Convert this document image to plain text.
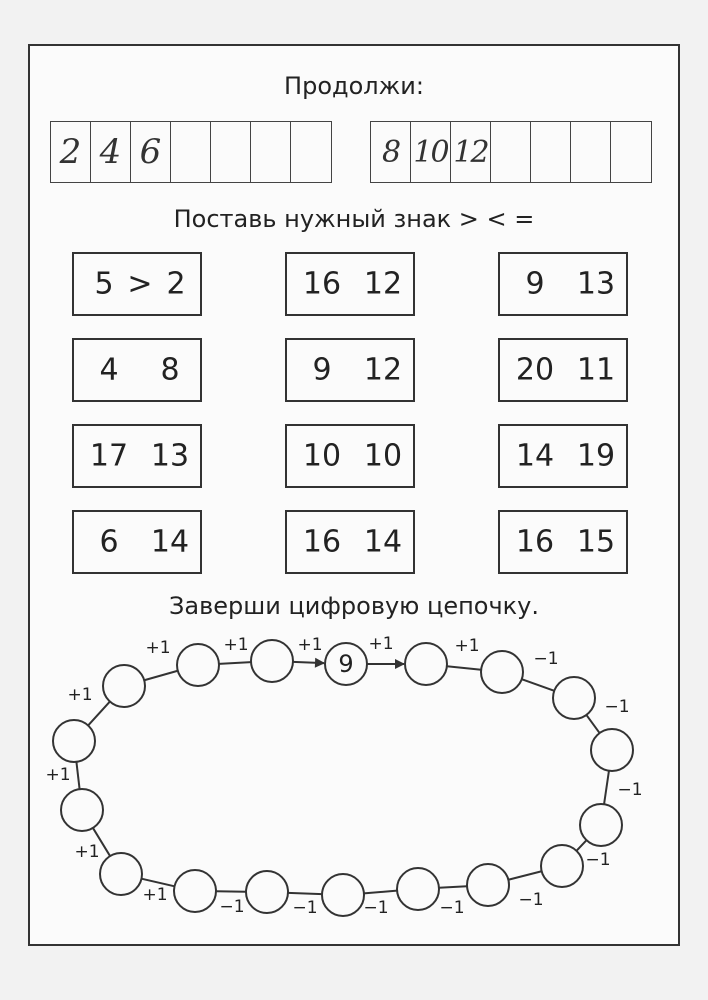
Продолжи:
2 4 6	8 10 12
Поставь нужный знак > < =
5 > 2	16 12	9 13
4 8	9 12	20 11
17 13	10 10	14 19
6 14	16 14	16 15
Заверши цифровую цепочку.
9
+1	+1	+1
−1
−1
−1
−1
−1
−1
−1
−1
−1
+1
+1
+1
+1
+1	+1
